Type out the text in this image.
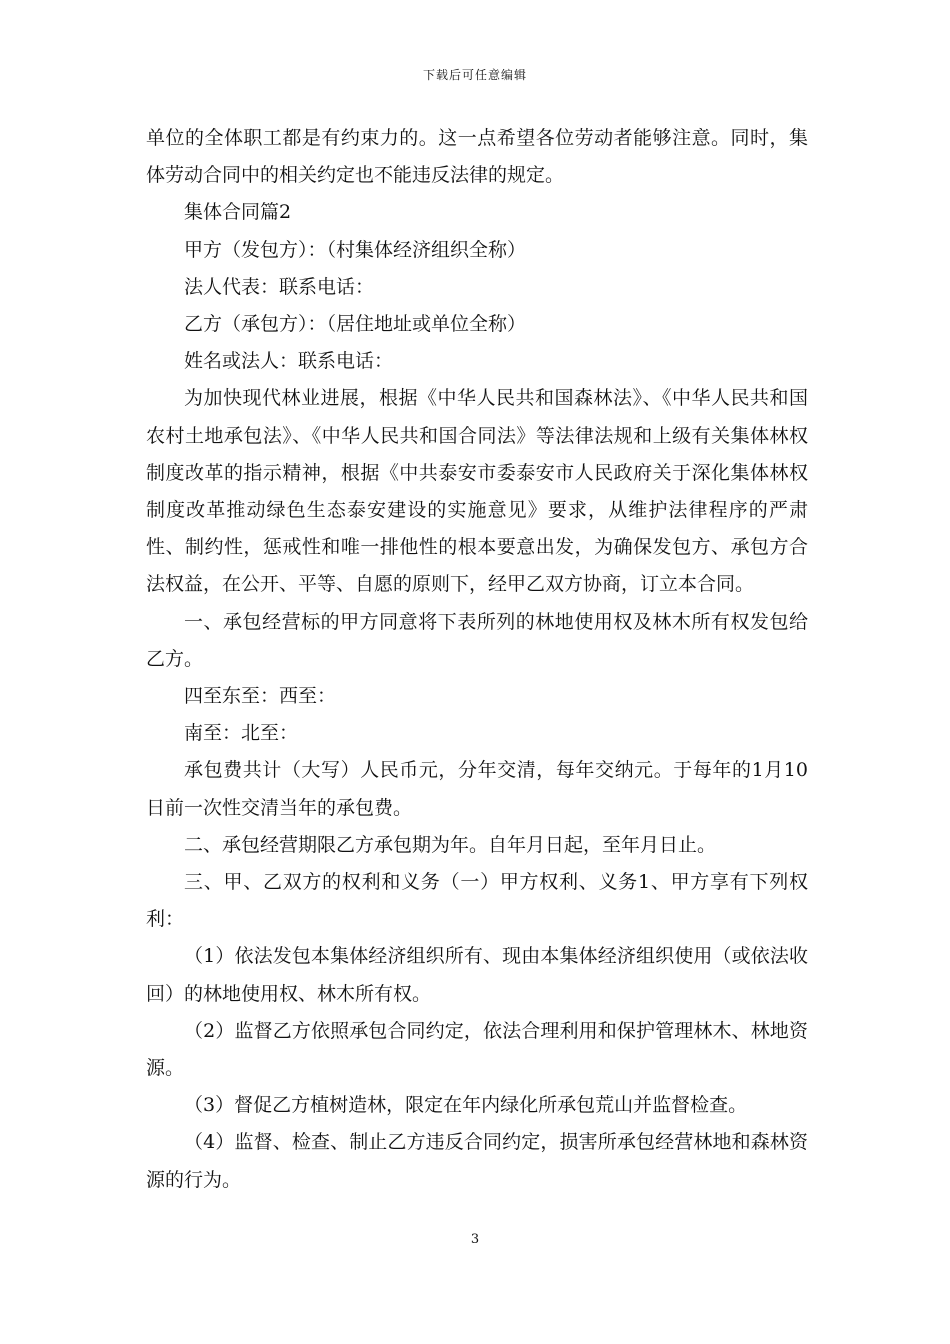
下载后可任意编辑

单位的全体职工都是有约束力的。这一点希望各位劳动者能够注意。同时，集体劳动合同中的相关约定也不能违反法律的规定。

集体合同篇2

甲方（发包方）：（村集体经济组织全称）

法人代表：联系电话：

乙方（承包方）：（居住地址或单位全称）

姓名或法人：联系电话：

为加快现代林业进展，根据《中华人民共和国森林法》、《中华人民共和国农村土地承包法》、《中华人民共和国合同法》等法律法规和上级有关集体林权制度改革的指示精神，根据《中共泰安市委泰安市人民政府关于深化集体林权制度改革推动绿色生态泰安建设的实施意见》要求，从维护法律程序的严肃性、制约性，惩戒性和唯一排他性的根本要意出发，为确保发包方、承包方合法权益，在公开、平等、自愿的原则下，经甲乙双方协商，订立本合同。

一、承包经营标的甲方同意将下表所列的林地使用权及林木所有权发包给乙方。

四至东至：西至：

南至：北至：

承包费共计（大写）人民币元，分年交清，每年交纳元。于每年的1月10日前一次性交清当年的承包费。

二、承包经营期限乙方承包期为年。自年月日起，至年月日止。

三、甲、乙双方的权利和义务（一）甲方权利、义务1、甲方享有下列权利：

（1）依法发包本集体经济组织所有、现由本集体经济组织使用（或依法收回）的林地使用权、林木所有权。

（2）监督乙方依照承包合同约定，依法合理利用和保护管理林木、林地资源。

（3）督促乙方植树造林，限定在年内绿化所承包荒山并监督检查。

（4）监督、检查、制止乙方违反合同约定，损害所承包经营林地和森林资源的行为。

3
